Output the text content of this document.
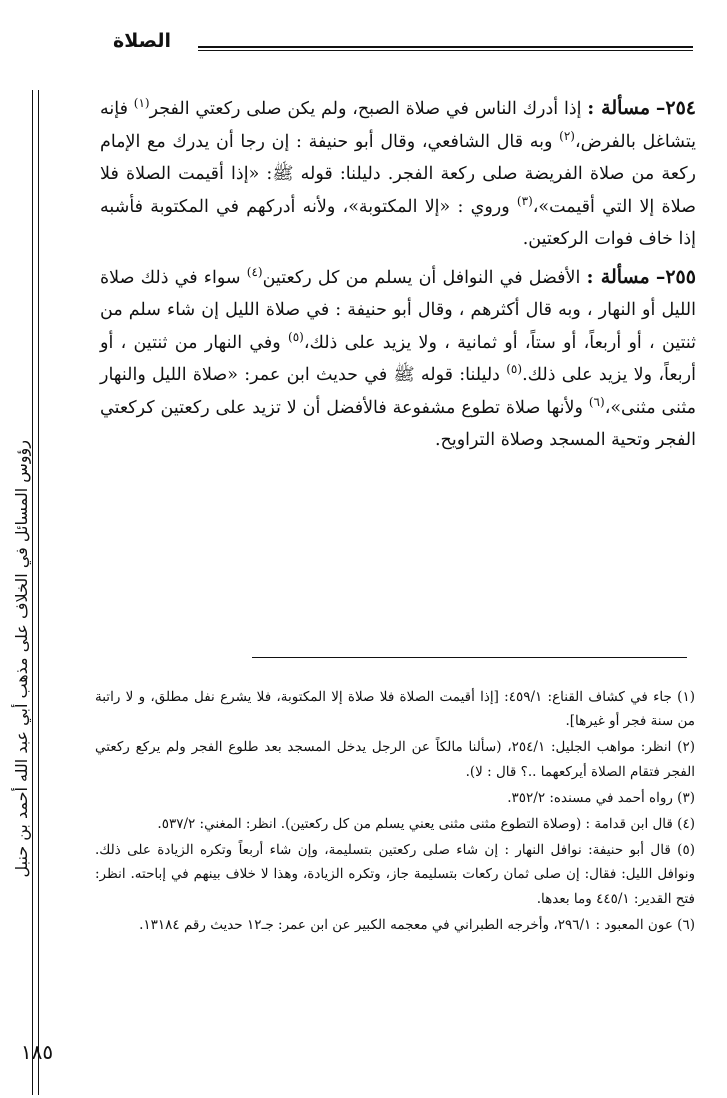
الصلاة
رؤوس المسائل في الخلاف على مذهب أبي عبد الله أحمد بن حنبل

٢٥٤– مسألة : إذا أدرك الناس في صلاة الصبح، ولم يكن صلى ركعتي الفجر$^{(١)}$ فإنه يتشاغل بالفرض،$^{(٢)}$ وبه قال الشافعي، وقال أبو حنيفة : إن رجا أن يدرك مع الإمام ركعة من صلاة الفريضة صلى ركعة الفجر. دليلنا: قوله ﷺ: «إذا أقيمت الصلاة فلا صلاة إلا التي أقيمت»،$^{(٣)}$ وروي : «إلا المكتوبة»، ولأنه أدركهم في المكتوبة فأشبه إذا خاف فوات الركعتين.

٢٥٥– مسألة : الأفضل في النوافل أن يسلم من كل ركعتين$^{(٤)}$ سواء في ذلك صلاة الليل أو النهار ، وبه قال أكثرهم ، وقال أبو حنيفة : في صلاة الليل إن شاء سلم من ثنتين ، أو أربعاً، أو ستاً، أو ثمانية ، ولا يزيد على ذلك،$^{(٥)}$ وفي النهار من ثنتين ، أو أربعاً، ولا يزيد على ذلك.$^{(٥)}$ دليلنا: قوله ﷺ في حديث ابن عمر: «صلاة الليل والنهار مثنى مثنى»،$^{(٦)}$ ولأنها صلاة تطوع مشفوعة فالأفضل أن لا تزيد على ركعتين كركعتي الفجر وتحية المسجد وصلاة التراويح.

(١) جاء في كشاف القناع: ٤٥٩/١: [إذا أقيمت الصلاة فلا صلاة إلا المكتوبة، فلا يشرع نفل مطلق، و لا راتبة من سنة فجر أو غيرها].

(٢) انظر: مواهب الجليل: ٢٥٤/١، (سألنا مالكاً عن الرجل يدخل المسجد بعد طلوع الفجر ولم يركع ركعتي الفجر فتقام الصلاة أيركعهما ..؟ قال : لا).

(٣) رواه أحمد في مسنده: ٣٥٢/٢.

(٤) قال ابن قدامة : (وصلاة التطوع مثنى مثنى يعني يسلم من كل ركعتين). انظر: المغني: ٥٣٧/٢.

(٥) قال أبو حنيفة: نوافل النهار : إن شاء صلى ركعتين بتسليمة، وإن شاء أربعاً وتكره الزيادة على ذلك. ونوافل الليل: فقال: إن صلى ثمان ركعات بتسليمة جاز، وتكره الزيادة، وهذا لا خلاف بينهم في إباحته. انظر: فتح القدير: ٤٤٥/١ وما بعدها.

(٦) عون المعبود : ٢٩٦/١، وأخرجه الطبراني في معجمه الكبير عن ابن عمر: جـ١٢ حديث رقم ١٣١٨٤.

١٨٥
